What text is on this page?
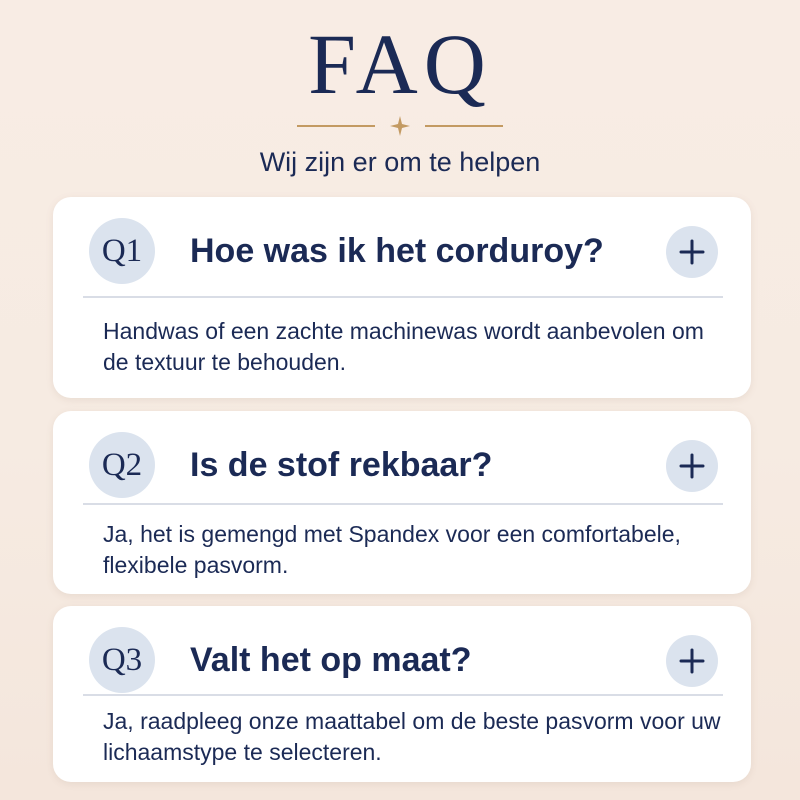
FAQ
Wij zijn er om te helpen
Q1	Hoe was ik het corduroy?
Handwas of een zachte machinewas wordt aanbevolen om de textuur te behouden.
Q2	Is de stof rekbaar?
Ja, het is gemengd met Spandex voor een comfortabele, flexibele pasvorm.
Q3	Valt het op maat?
Ja, raadpleeg onze maattabel om de beste pasvorm voor uw lichaamstype te selecteren.
